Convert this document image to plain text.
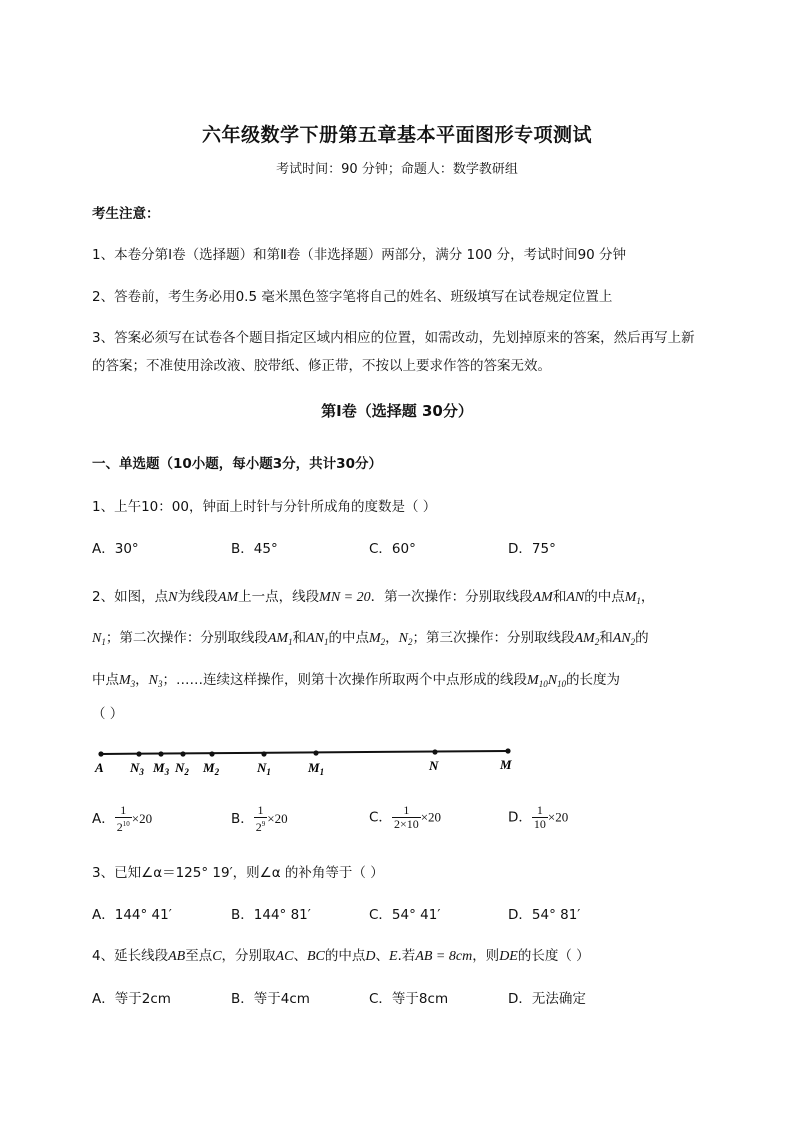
六年级数学下册第五章基本平面图形专项测试
考试时间：90 分钟；命题人：数学教研组
考生注意：
1、本卷分第Ⅰ卷（选择题）和第Ⅱ卷（非选择题）两部分，满分 100 分，考试时间90 分钟
2、答卷前，考生务必用0.5 毫米黑色签字笔将自己的姓名、班级填写在试卷规定位置上
3、答案必须写在试卷各个题目指定区域内相应的位置，如需改动，先划掉原来的答案，然后再写上新
的答案；不准使用涂改液、胶带纸、修正带，不按以上要求作答的答案无效。
第Ⅰ卷（选择题 30分）
一、单选题（10小题，每小题3分，共计30分）
1、上午10：00，钟面上时针与分针所成角的度数是（ ）
A．30°	B．45°	C．60°	D．75°
2、如图，点N为线段AM上一点，线段MN = 20．第一次操作：分别取线段AM和AN的中点$M_1$，
$N_1$；第二次操作：分别取线段$AM_1$和$AN_1$的中点$M_2$，$N_2$；第三次操作：分别取线段$AM_2$和$AN_2$的
中点$M_3$，$N_3$；……连续这样操作，则第十次操作所取两个中点形成的线段$M_{10}N_{10}$的长度为
（ ）
A $N_3$ $M_3$ $N_2$ $M_2$	$N_1$	$M_1$	N	M
A． $\frac{1}{2^{10}} \times 20$	B． $\frac{1}{2^9} \times 20$	C． $\frac{1}{2\times 10} \times 20$	D． $\frac{1}{10} \times 20$
3、已知∠α＝125° 19′，则∠α 的补角等于（ ）
A．144° 41′	B．144° 81′	C．54° 41′	D．54° 81′
4、延长线段AB至点C，分别取AC、BC的中点D、E.若AB = 8cm，则DE的长度（ ）
A．等于2cm	B．等于4cm	C．等于8cm	D．无法确定
